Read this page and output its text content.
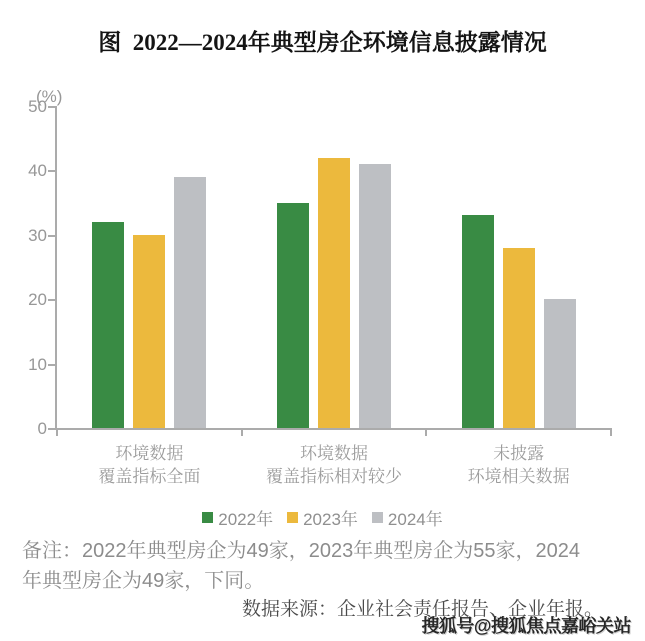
图  2022—2024年典型房企环境信息披露情况
(%)
0
10
20
30
40
50
环境数据
覆盖指标全面
环境数据
覆盖指标相对较少
未披露
环境相关数据
2022年 2023年 2024年
备注：2022年典型房企为49家，2023年典型房企为55家，2024
年典型房企为49家，下同。
数据来源：企业社会责任报告、企业年报。
搜狐号@搜狐焦点嘉峪关站
